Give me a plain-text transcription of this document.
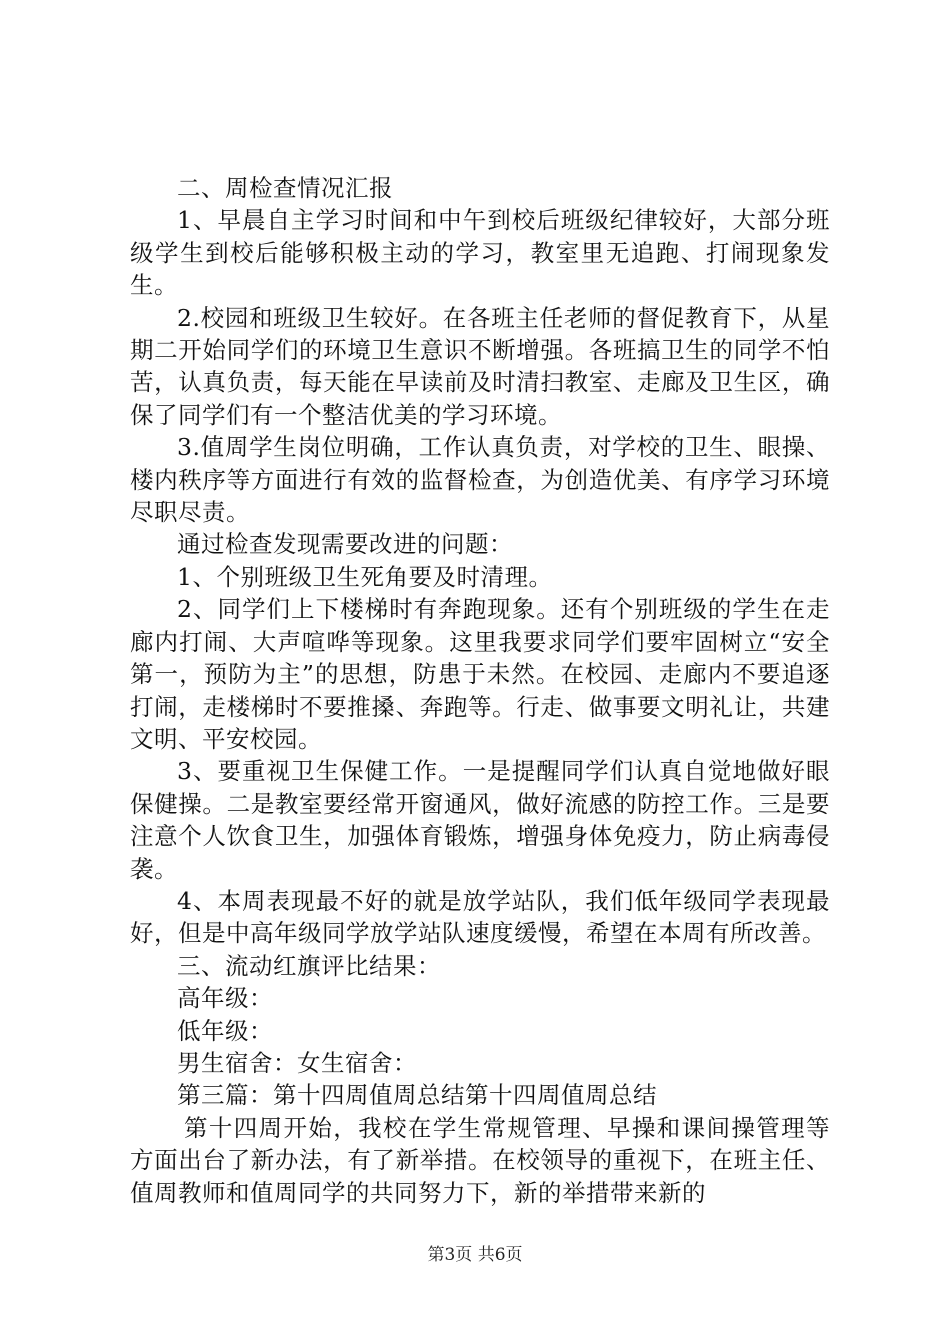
二、周检查情况汇报

1、早晨自主学习时间和中午到校后班级纪律较好，大部分班级学生到校后能够积极主动的学习，教室里无追跑、打闹现象发生。

2.校园和班级卫生较好。在各班主任老师的督促教育下，从星期二开始同学们的环境卫生意识不断增强。各班搞卫生的同学不怕苦，认真负责，每天能在早读前及时清扫教室、走廊及卫生区，确保了同学们有一个整洁优美的学习环境。

3.值周学生岗位明确，工作认真负责，对学校的卫生、眼操、楼内秩序等方面进行有效的监督检查，为创造优美、有序学习环境尽职尽责。

通过检查发现需要改进的问题：

1、个别班级卫生死角要及时清理。

2、同学们上下楼梯时有奔跑现象。还有个别班级的学生在走廊内打闹、大声喧哗等现象。这里我要求同学们要牢固树立“安全第一，预防为主”的思想，防患于未然。在校园、走廊内不要追逐打闹，走楼梯时不要推搡、奔跑等。行走、做事要文明礼让，共建文明、平安校园。

3、要重视卫生保健工作。一是提醒同学们认真自觉地做好眼保健操。二是教室要经常开窗通风，做好流感的防控工作。三是要注意个人饮食卫生，加强体育锻炼，增强身体免疫力，防止病毒侵袭。

4、本周表现最不好的就是放学站队，我们低年级同学表现最好，但是中高年级同学放学站队速度缓慢，希望在本周有所改善。

三、流动红旗评比结果：

高年级：

低年级：

男生宿舍：女生宿舍：

第三篇：第十四周值周总结第十四周值周总结

第十四周开始，我校在学生常规管理、早操和课间操管理等方面出台了新办法，有了新举措。在校领导的重视下，在班主任、值周教师和值周同学的共同努力下，新的举措带来新的

第3页 共6页
